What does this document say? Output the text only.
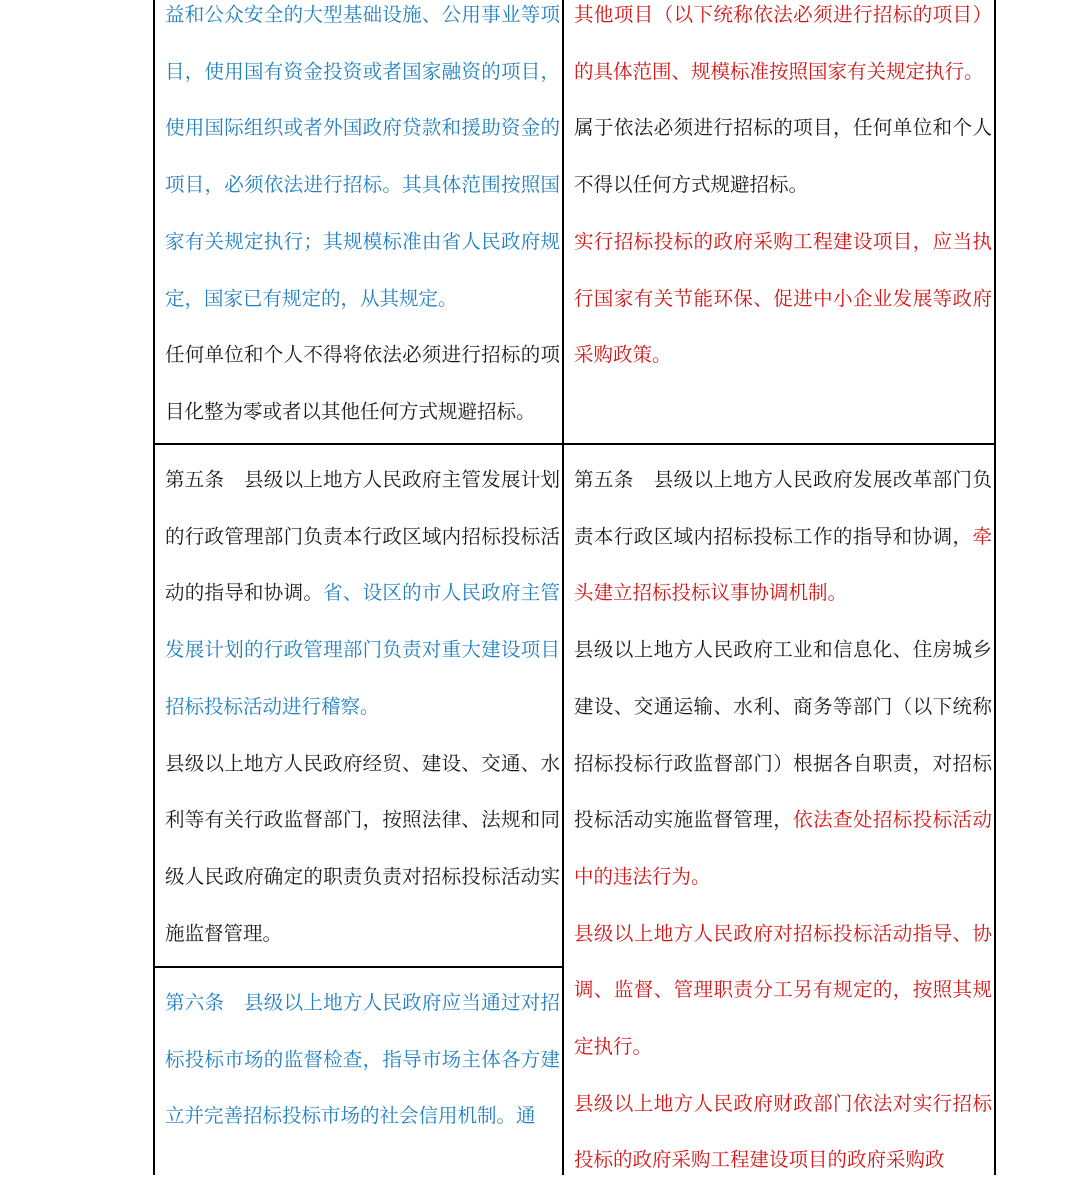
益和公众安全的大型基础设施、公用事业等项目，使用国有资金投资或者国家融资的项目，使用国际组织或者外国政府贷款和援助资金的项目，必须依法进行招标。其具体范围按照国家有关规定执行；其规模标准由省人民政府规定，国家已有规定的，从其规定。

任何单位和个人不得将依法必须进行招标的项目化整为零或者以其他任何方式规避招标。

第五条　县级以上地方人民政府主管发展计划的行政管理部门负责本行政区域内招标投标活动的指导和协调。省、设区的市人民政府主管发展计划的行政管理部门负责对重大建设项目招标投标活动进行稽察。

县级以上地方人民政府经贸、建设、交通、水利等有关行政监督部门，按照法律、法规和同级人民政府确定的职责负责对招标投标活动实施监督管理。

第六条　县级以上地方人民政府应当通过对招标投标市场的监督检查，指导市场主体各方建立并完善招标投标市场的社会信用机制。通

其他项目（以下统称依法必须进行招标的项目）的具体范围、规模标准按照国家有关规定执行。

属于依法必须进行招标的项目，任何单位和个人不得以任何方式规避招标。

实行招标投标的政府采购工程建设项目，应当执行国家有关节能环保、促进中小企业发展等政府采购政策。

第五条　县级以上地方人民政府发展改革部门负责本行政区域内招标投标工作的指导和协调，牵头建立招标投标议事协调机制。

县级以上地方人民政府工业和信息化、住房城乡建设、交通运输、水利、商务等部门（以下统称招标投标行政监督部门）根据各自职责，对招标投标活动实施监督管理，依法查处招标投标活动中的违法行为。

县级以上地方人民政府对招标投标活动指导、协调、监督、管理职责分工另有规定的，按照其规定执行。

县级以上地方人民政府财政部门依法对实行招标投标的政府采购工程建设项目的政府采购政
